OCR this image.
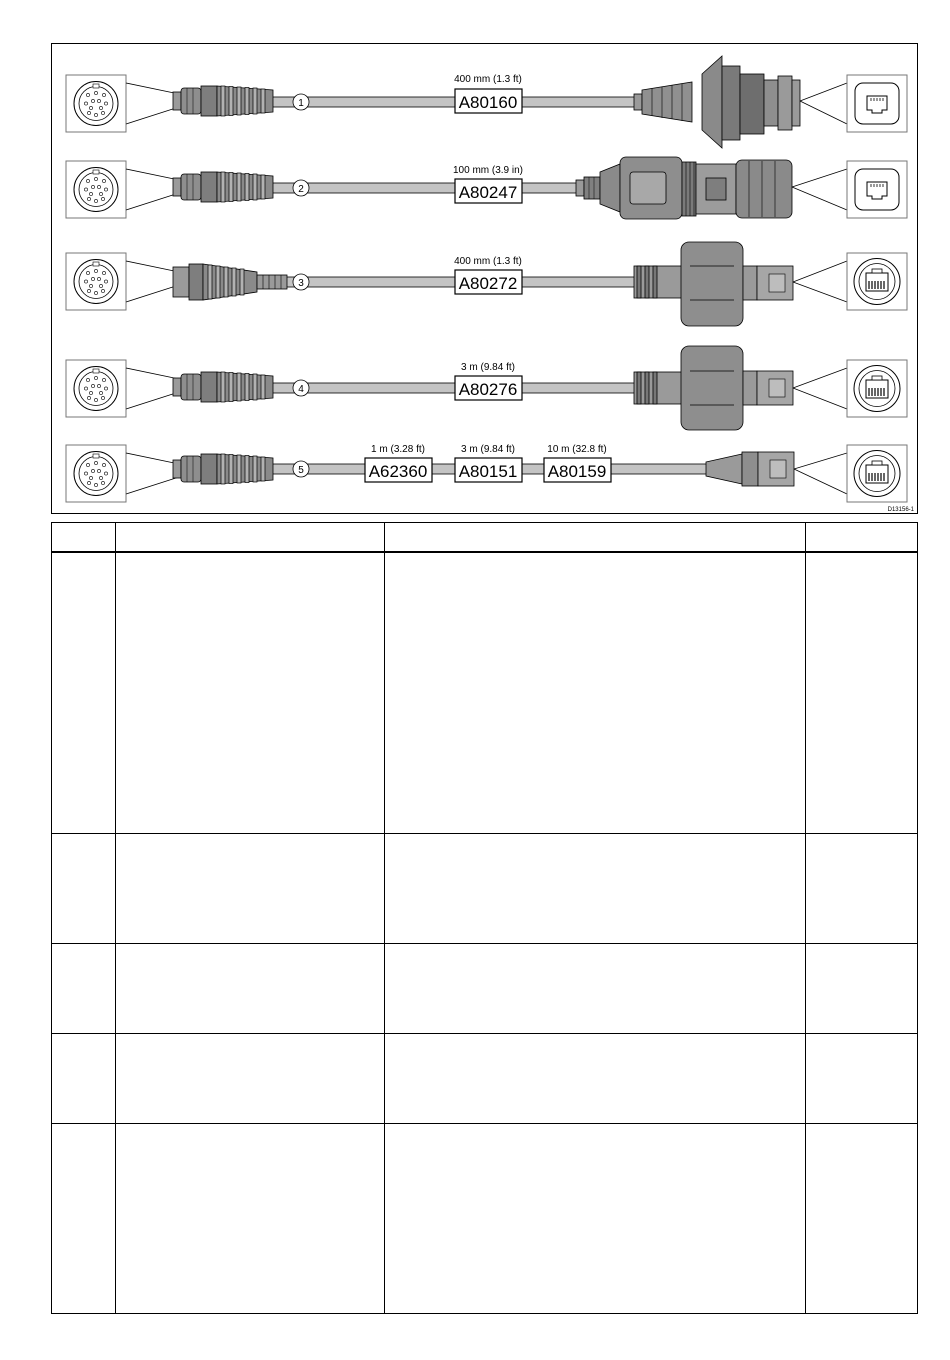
1
400 mm (1.3 ft)
A80160
2
100 mm (3.9 in)
A80247
3
400 mm (1.3 ft)
A80272
4
3 m (9.84 ft)
A80276
5
1 m (3.28 ft)
A62360
3 m (9.84 ft)
A80151
10 m (32.8 ft)
A80159
D13156-1
